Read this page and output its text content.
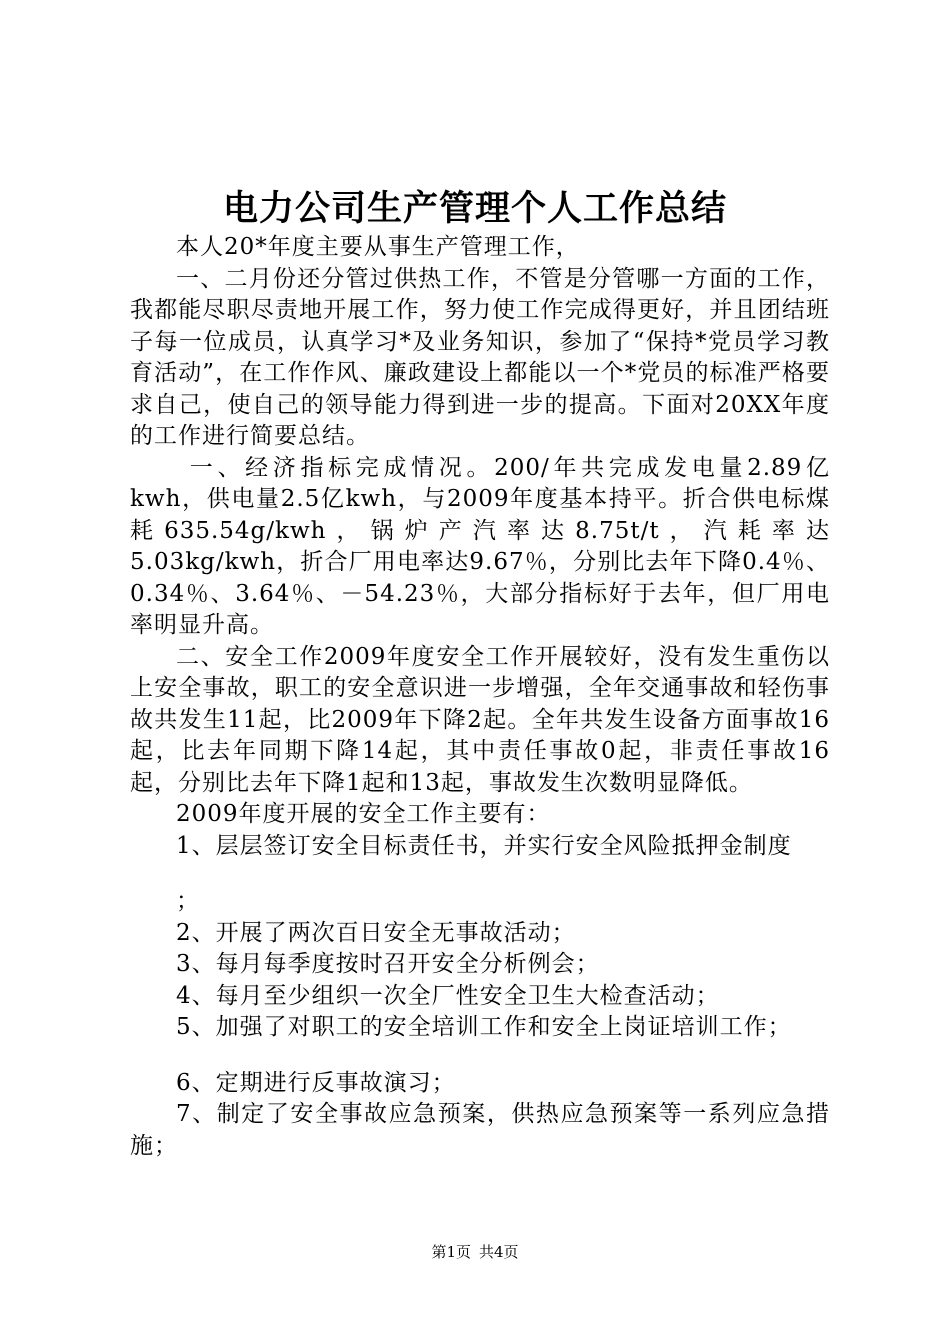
电力公司生产管理个人工作总结

本人20*年度主要从事生产管理工作，

一、二月份还分管过供热工作，不管是分管哪一方面的工作，我都能尽职尽责地开展工作，努力使工作完成得更好，并且团结班子每一位成员，认真学习*及业务知识，参加了“保持*党员学习教育活动”，在工作作风、廉政建设上都能以一个*党员的标准严格要求自己，使自己的领导能力得到进一步的提高。下面对20XX年度的工作进行简要总结。

一、经济指标完成情况。200/年共完成发电量2.89亿kwh，供电量2.5亿kwh，与2009年度基本持平。折合供电标煤耗635.54g/kwh，锅炉产汽率达8.75t/t，汽耗率达5.03kg/kwh，折合厂用电率达9.67％，分别比去年下降0.4％、0.34％、3.64％、－54.23％，大部分指标好于去年，但厂用电率明显升高。

二、安全工作2009年度安全工作开展较好，没有发生重伤以上安全事故，职工的安全意识进一步增强，全年交通事故和轻伤事故共发生11起，比2009年下降2起。全年共发生设备方面事故16起，比去年同期下降14起，其中责任事故0起，非责任事故16起，分别比去年下降1起和13起，事故发生次数明显降低。

2009年度开展的安全工作主要有：

1、层层签订安全目标责任书，并实行安全风险抵押金制度

；

2、开展了两次百日安全无事故活动；

3、每月每季度按时召开安全分析例会；

4、每月至少组织一次全厂性安全卫生大检查活动；

5、加强了对职工的安全培训工作和安全上岗证培训工作；

6、定期进行反事故演习；

7、制定了安全事故应急预案，供热应急预案等一系列应急措施；

第1页 共4页
